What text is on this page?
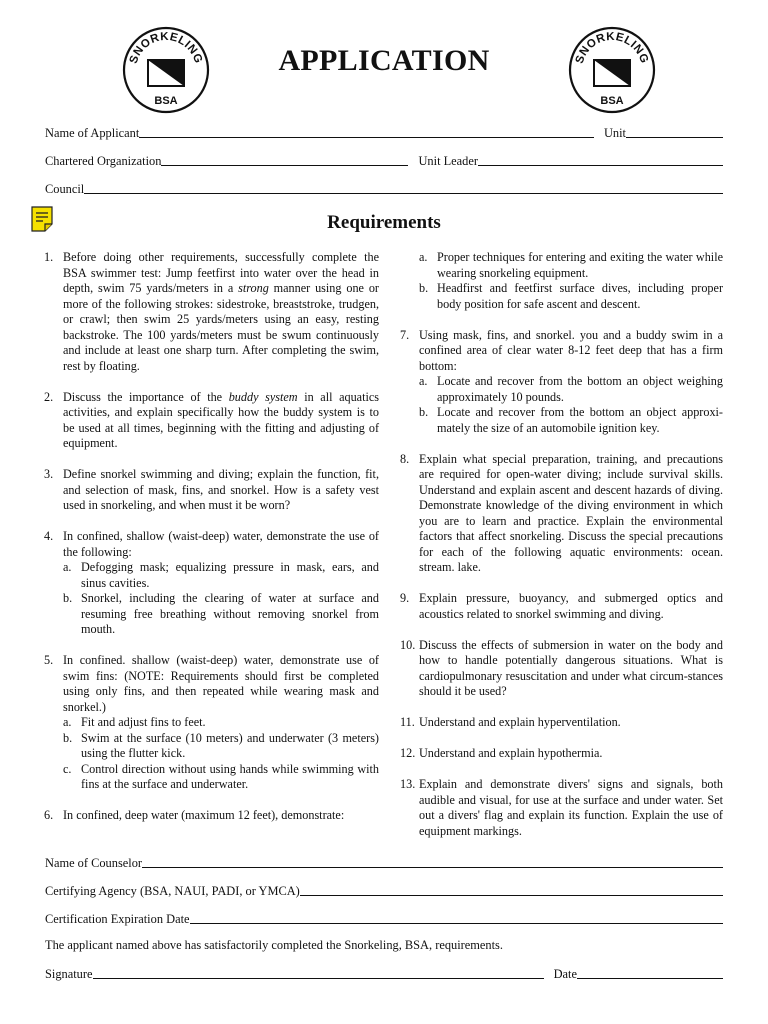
SNORKELING
BSA
SNORKELING
BSA
APPLICATION
Name of Applicant	Unit
Chartered Organization	Unit Leader
Council
Requirements
1. Before doing other requirements, successfully complete the BSA swimmer test: Jump feetfirst into water over the head in depth, swim 75 yards/meters in a strong manner using one or more of the following strokes: sidestroke, breaststroke, trudgen, or crawl; then swim 25 yards/meters using an easy, resting backstroke. The 100 yards/meters must be swum continuously and include at least one sharp turn. After completing the swim, rest by floating.
2. Discuss the importance of the buddy system in all aquatics activities, and explain specifically how the buddy system is to be used at all times, beginning with the fitting and adjusting of equipment.
3. Define snorkel swimming and diving; explain the function, fit, and selection of mask, fins, and snorkel. How is a safety vest used in snorkeling, and when must it be worn?
4. In confined, shallow (waist-deep) water, demonstrate the use of the following:
a. Defogging mask; equalizing pressure in mask, ears, and sinus cavities.
b. Snorkel, including the clearing of water at surface and resuming free breathing without removing snorkel from mouth.
5. In confined. shallow (waist-deep) water, demonstrate use of swim fins: (NOTE: Requirements should first be completed using only fins, and then repeated while wearing mask and snorkel.)
a. Fit and adjust fins to feet.
b. Swim at the surface (10 meters) and underwater (3 meters) using the flutter kick.
c. Control direction without using hands while swimming with fins at the surface and underwater.
6. In confined, deep water (maximum 12 feet), demonstrate:
a. Proper techniques for entering and exiting the water while wearing snorkeling equipment.
b. Headfirst and feetfirst surface dives, including proper body position for safe ascent and descent.
7. Using mask, fins, and snorkel. you and a buddy swim in a confined area of clear water 8-12 feet deep that has a firm bottom:
a. Locate and recover from the bottom an object weighing approximately 10 pounds.
b. Locate and recover from the bottom an object approxi-mately the size of an automobile ignition key.
8. Explain what special preparation, training, and precautions are required for open-water diving; include survival skills. Understand and explain ascent and descent hazards of diving. Demonstrate knowledge of the diving environment in which you are to learn and practice. Explain the environmental factors that affect snorkeling. Discuss the special precautions for each of the following aquatic environments: ocean. stream. lake.
9. Explain pressure, buoyancy, and submerged optics and acoustics related to snorkel swimming and diving.
10. Discuss the effects of submersion in water on the body and how to handle potentially dangerous situations. What is cardiopulmonary resuscitation and under what circum-stances should it be used?
11. Understand and explain hyperventilation.
12. Understand and explain hypothermia.
13. Explain and demonstrate divers' signs and signals, both audible and visual, for use at the surface and under water. Set out a divers' flag and explain its function. Explain the use of equipment markings.
Name of Counselor
Certifying Agency (BSA, NAUI, PADI, or YMCA)
Certification Expiration Date
The applicant named above has satisfactorily completed the Snorkeling, BSA, requirements.
Signature	Date
